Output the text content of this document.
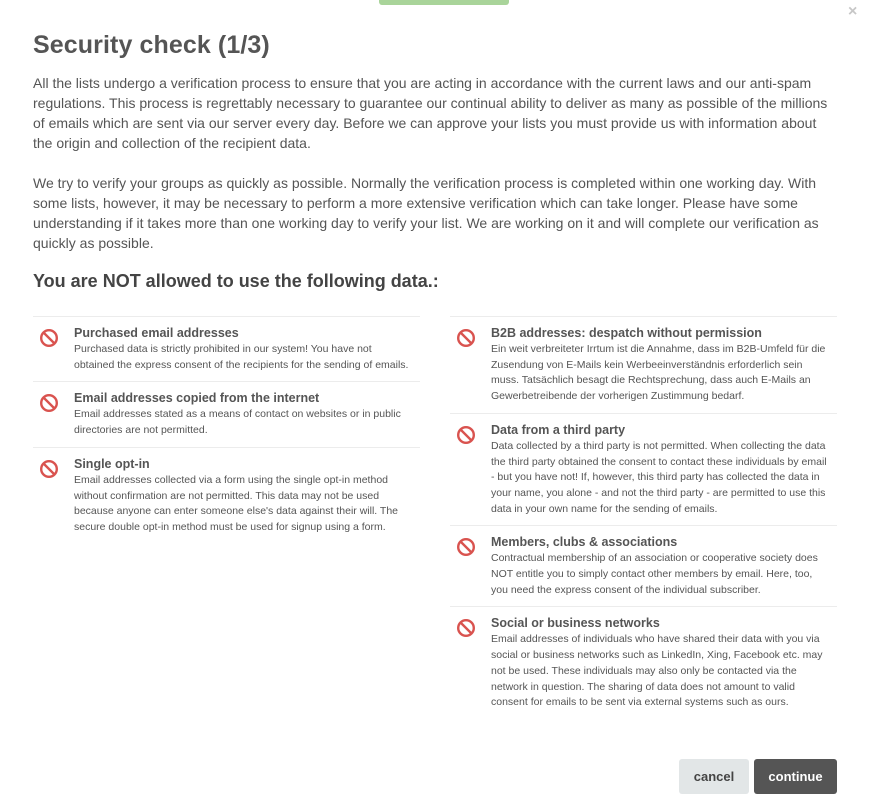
×
Security check (1/3)

All the lists undergo a verification process to ensure that you are acting in accordance with the current laws and our anti-spam regulations. This process is regrettably necessary to guarantee our continual ability to deliver as many as possible of the millions of emails which are sent via our server every day. Before we can approve your lists you must provide us with information about the origin and collection of the recipient data.

We try to verify your groups as quickly as possible. Normally the verification process is completed within one working day. With some lists, however, it may be necessary to perform a more extensive verification which can take longer. Please have some understanding if it takes more than one working day to verify your list. We are working on it and will complete our verification as quickly as possible.

You are NOT allowed to use the following data.:
Purchased email addresses
Purchased data is strictly prohibited in our system! You have not obtained the express consent of the recipients for the sending of emails.
Email addresses copied from the internet
Email addresses stated as a means of contact on websites or in public directories are not permitted.
Single opt-in
Email addresses collected via a form using the single opt-in method without confirmation are not permitted. This data may not be used because anyone can enter someone else's data against their will. The secure double opt-in method must be used for signup using a form.
B2B addresses: despatch without permission
Ein weit verbreiteter Irrtum ist die Annahme, dass im B2B-Umfeld für die Zusendung von E-Mails kein Werbeeinverständnis erforderlich sein muss. Tatsächlich besagt die Rechtsprechung, dass auch E-Mails an Gewerbetreibende der vorherigen Zustimmung bedarf.
Data from a third party
Data collected by a third party is not permitted. When collecting the data the third party obtained the consent to contact these individuals by email - but you have not! If, however, this third party has collected the data in your name, you alone - and not the third party - are permitted to use this data in your own name for the sending of emails.
Members, clubs & associations
Contractual membership of an association or cooperative society does NOT entitle you to simply contact other members by email. Here, too, you need the express consent of the individual subscriber.
Social or business networks
Email addresses of individuals who have shared their data with you via social or business networks such as LinkedIn, Xing, Facebook etc. may not be used. These individuals may also only be contacted via the network in question. The sharing of data does not amount to valid consent for emails to be sent via external systems such as ours.
cancel	continue
